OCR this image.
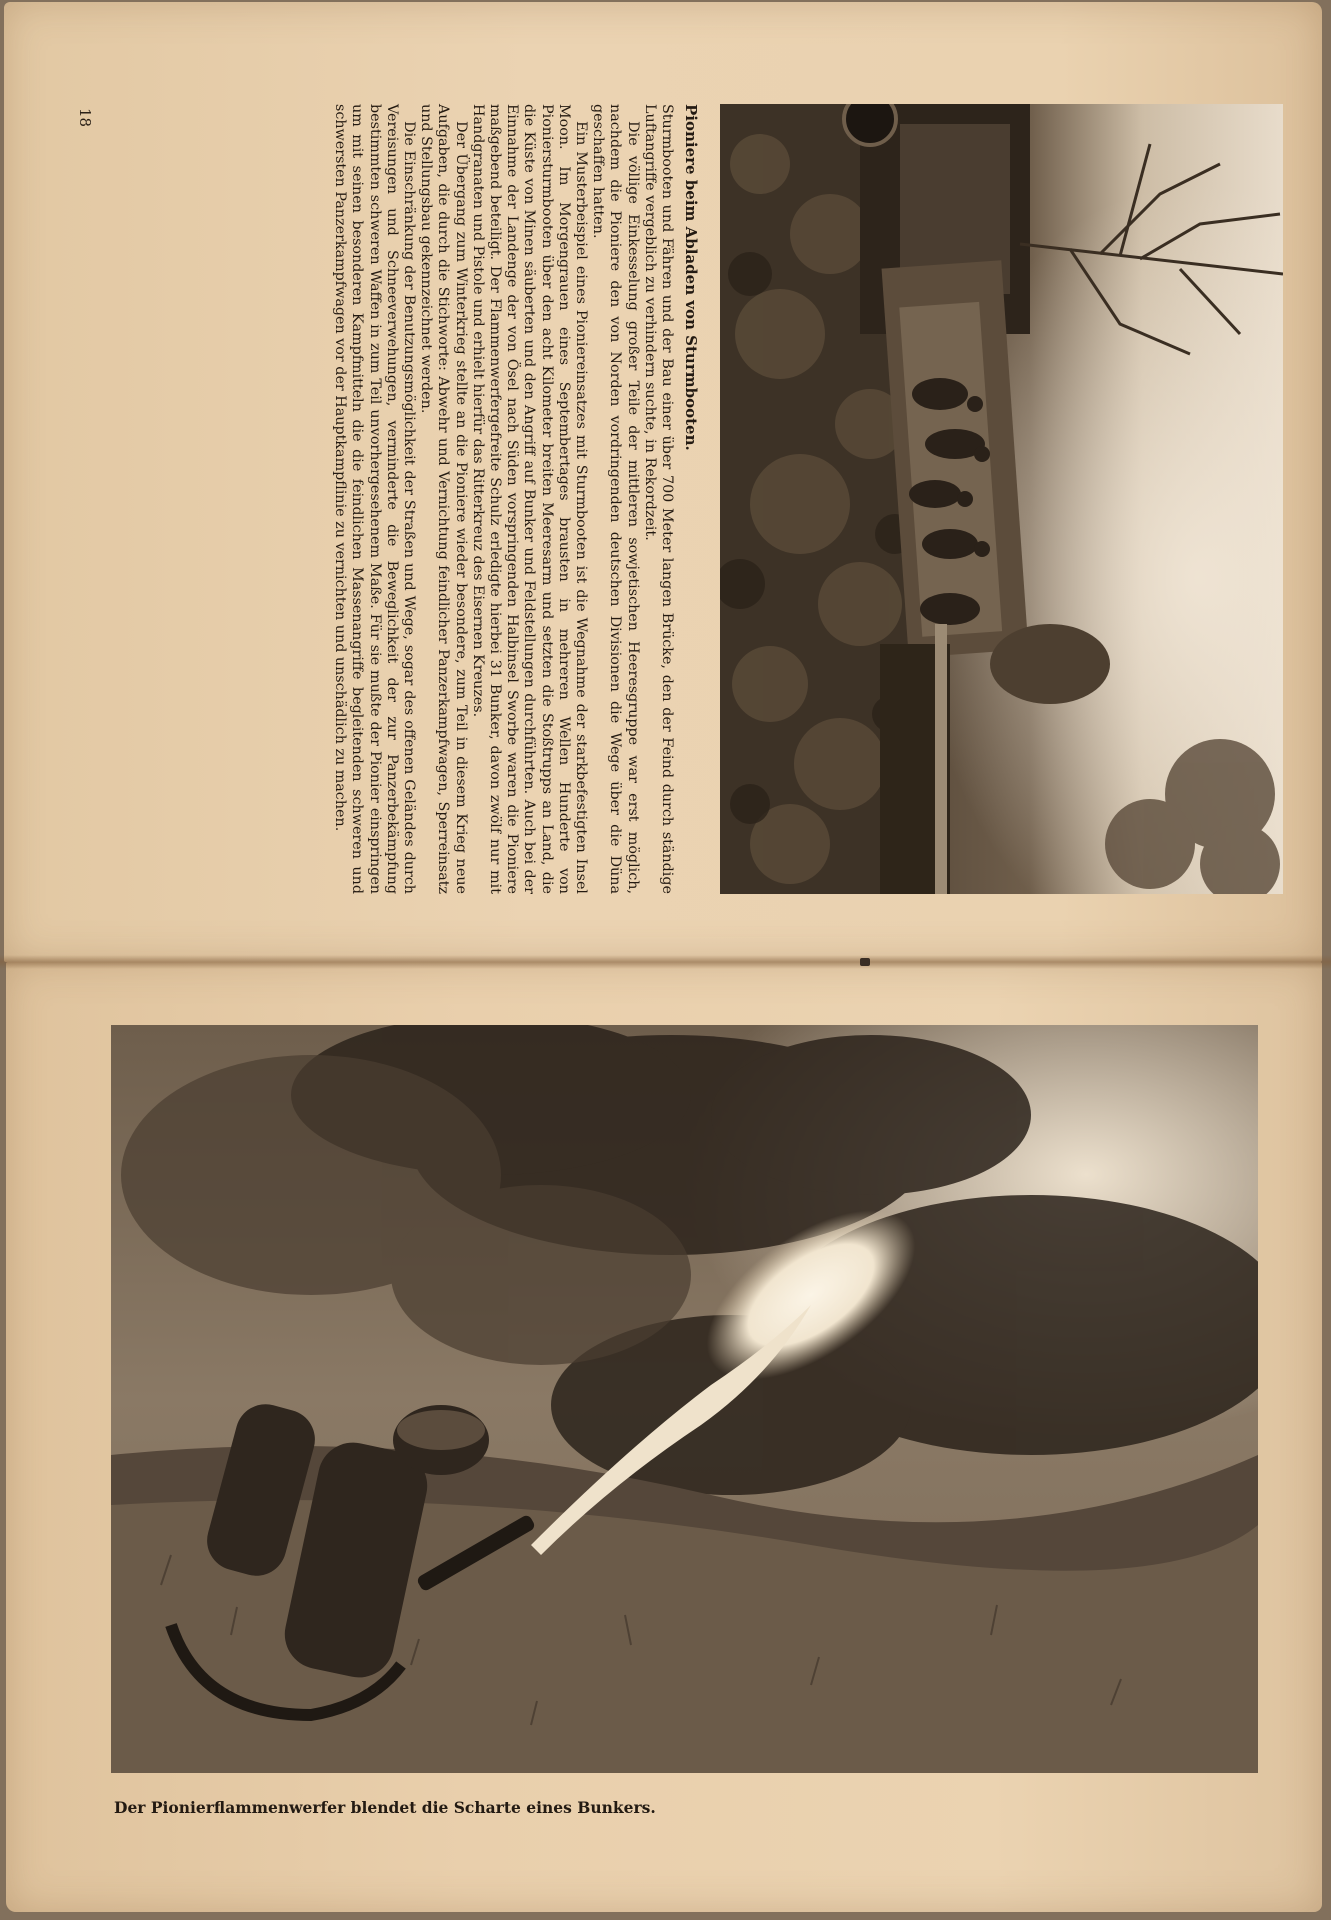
Pioniere beim Abladen von Sturmbooten.

Sturmbooten und Fähren und der Bau einer über 700 Meter langen Brücke, den der Feind durch ständige Luftangriffe vergeblich zu verhindern suchte, in Rekordzeit.

Die völlige Einkesselung großer Teile der mittleren sowjetischen Heeresgruppe war erst möglich, nachdem die Pioniere den von Norden vordringenden deutschen Divisionen die Wege über die Düna geschaffen hatten.

Ein Musterbeispiel eines Pioniereinsatzes mit Sturmbooten ist die Wegnahme der starkbefestigten Insel Moon. Im Morgengrauen eines Septembertages brausten in mehreren Wellen Hunderte von Pioniersturmbooten über den acht Kilometer breiten Meeresarm und setzten die Stoßtrupps an Land, die die Küste von Minen säuberten und den Angriff auf Bunker und Feldstellungen durchführten. Auch bei der Einnahme der Landenge der von Ösel nach Süden vorspringenden Halbinsel Sworbe waren die Pioniere maßgebend beteiligt. Der Flammenwerfergefreite Schulz erledigte hierbei 31 Bunker, davon zwölf nur mit Handgranaten und Pistole und erhielt hierfür das Ritterkreuz des Eisernen Kreuzes.

Der Übergang zum Winterkrieg stellte an die Pioniere wieder besondere, zum Teil in diesem Krieg neue Aufgaben, die durch die Stichworte: Abwehr und Vernichtung feindlicher Panzerkampfwagen, Sperreinsatz und Stellungsbau gekennzeichnet werden.

Die Einschränkung der Benutzungsmöglichkeit der Straßen und Wege, sogar des offenen Geländes durch Vereisungen und Schneeverwehungen, verminderte die Beweglichkeit der zur Panzerbekämpfung bestimmten schweren Waffen in zum Teil unvorhergesehenem Maße. Für sie mußte der Pionier einspringen um mit seinen besonderen Kampfmitteln die die feindlichen Massenangriffe begleitenden schweren und schwersten Panzerkampfwagen vor der Hauptkampflinie zu vernichten und unschädlich zu machen.

18
Der Pionierflammenwerfer blendet die Scharte eines Bunkers.
